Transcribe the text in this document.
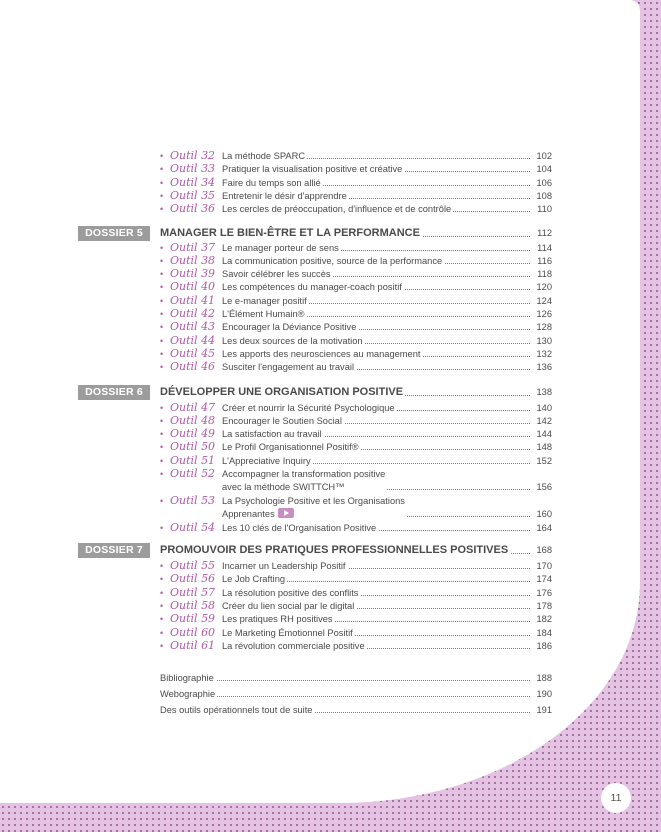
• Outil 32 La méthode SPARC	102
• Outil 33 Pratiquer la visualisation positive et créative	104
• Outil 34 Faire du temps son allié	106
• Outil 35 Entretenir le désir d'apprendre	108
• Outil 36 Les cercles de préoccupation, d'influence et de contrôle	110
DOSSIER 5	MANAGER LE BIEN-ÊTRE ET LA PERFORMANCE	112
• Outil 37 Le manager porteur de sens	114
• Outil 38 La communication positive, source de la performance	116
• Outil 39 Savoir célébrer les succès	118
• Outil 40 Les compétences du manager-coach positif	120
• Outil 41 Le e-manager positif	124
• Outil 42 L'Élément Humain®	126
• Outil 43 Encourager la Déviance Positive	128
• Outil 44 Les deux sources de la motivation	130
• Outil 45 Les apports des neurosciences au management	132
• Outil 46 Susciter l'engagement au travail	136
DOSSIER 6	DÉVELOPPER UNE ORGANISATION POSITIVE	138
• Outil 47 Créer et nourrir la Sécurité Psychologique	140
• Outil 48 Encourager le Soutien Social	142
• Outil 49 La satisfaction au travail	144
• Outil 50 Le Profil Organisationnel Positif®	148
• Outil 51 L'Appreciative Inquiry	152
• Outil 52 Accompagner la transformation positive
avec la méthode SWITTCH™	156
• Outil 53 La Psychologie Positive et les Organisations
Apprenantes	160
• Outil 54 Les 10 clés de l'Organisation Positive	164
DOSSIER 7	PROMOUVOIR DES PRATIQUES PROFESSIONNELLES POSITIVES	168
• Outil 55 Incarner un Leadership Positif	170
• Outil 56 Le Job Crafting	174
• Outil 57 La résolution positive des conflits	176
• Outil 58 Créer du lien social par le digital	178
• Outil 59 Les pratiques RH positives	182
• Outil 60 Le Marketing Émotionnel Positif	184
• Outil 61 La révolution commerciale positive	186
Bibliographie	188
Webographie	190
Des outils opérationnels tout de suite	191
11
